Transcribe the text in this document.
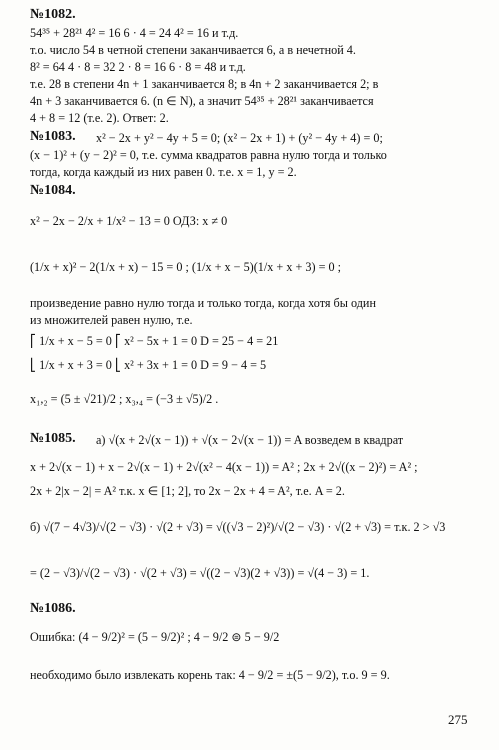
№1082.
54³⁵ + 28²¹ 4² = 16 6 · 4 = 24 4² = 16 и т.д.
т.о. число 54 в четной степени заканчивается 6, а в нечетной 4.
8² = 64 4 · 8 = 32 2 · 8 = 16 6 · 8 = 48 и т.д.
т.е. 28 в степени 4n + 1 заканчивается 8; в 4n + 2 заканчивается 2; в
4n + 3 заканчивается 6. (n ∈ N), а значит 54³⁵ + 28²¹ заканчивается
4 + 8 = 12 (т.е. 2). Ответ: 2.
№1083. x² − 2x + y² − 4y + 5 = 0; (x² − 2x + 1) + (y² − 4y + 4) = 0;
(x − 1)² + (y − 2)² = 0, т.е. сумма квадратов равна нулю тогда и только
тогда, когда каждый из них равен 0. т.е. x = 1, y = 2.
№1084.
x² − 2x − 2/x + 1/x² − 13 = 0 ОДЗ: x ≠ 0
(1/x + x)² − 2(1/x + x) − 15 = 0 ; (1/x + x − 5)(1/x + x + 3) = 0 ;
произведение равно нулю тогда и только тогда, когда хотя бы один
из множителей равен нулю, т.е.
⎡ 1/x + x − 5 = 0 ⎡ x² − 5x + 1 = 0 D = 25 − 4 = 21
⎣ 1/x + x + 3 = 0 ⎣ x² + 3x + 1 = 0 D = 9 − 4 = 5
x₁,₂ = (5 ± √21)/2 ; x₃,₄ = (−3 ± √5)/2 .
№1085. а) √(x + 2√(x − 1)) + √(x − 2√(x − 1)) = A возведем в квадрат
x + 2√(x − 1) + x − 2√(x − 1) + 2√(x² − 4(x − 1)) = A² ; 2x + 2√((x − 2)²) = A² ;
2x + 2|x − 2| = A² т.к. x ∈ [1; 2], то 2x − 2x + 4 = A², т.е. A = 2.
б) √(7 − 4√3)/√(2 − √3) · √(2 + √3) = √((√3 − 2)²)/√(2 − √3) · √(2 + √3) = т.к. 2 > √3
= (2 − √3)/√(2 − √3) · √(2 + √3) = √((2 − √3)(2 + √3)) = √(4 − 3) = 1.
№1086.
Ошибка: (4 − 9/2)² = (5 − 9/2)² ; 4 − 9/2 ⊜ 5 − 9/2
необходимо было извлекать корень так: 4 − 9/2 = ±(5 − 9/2), т.о. 9 = 9.
275
